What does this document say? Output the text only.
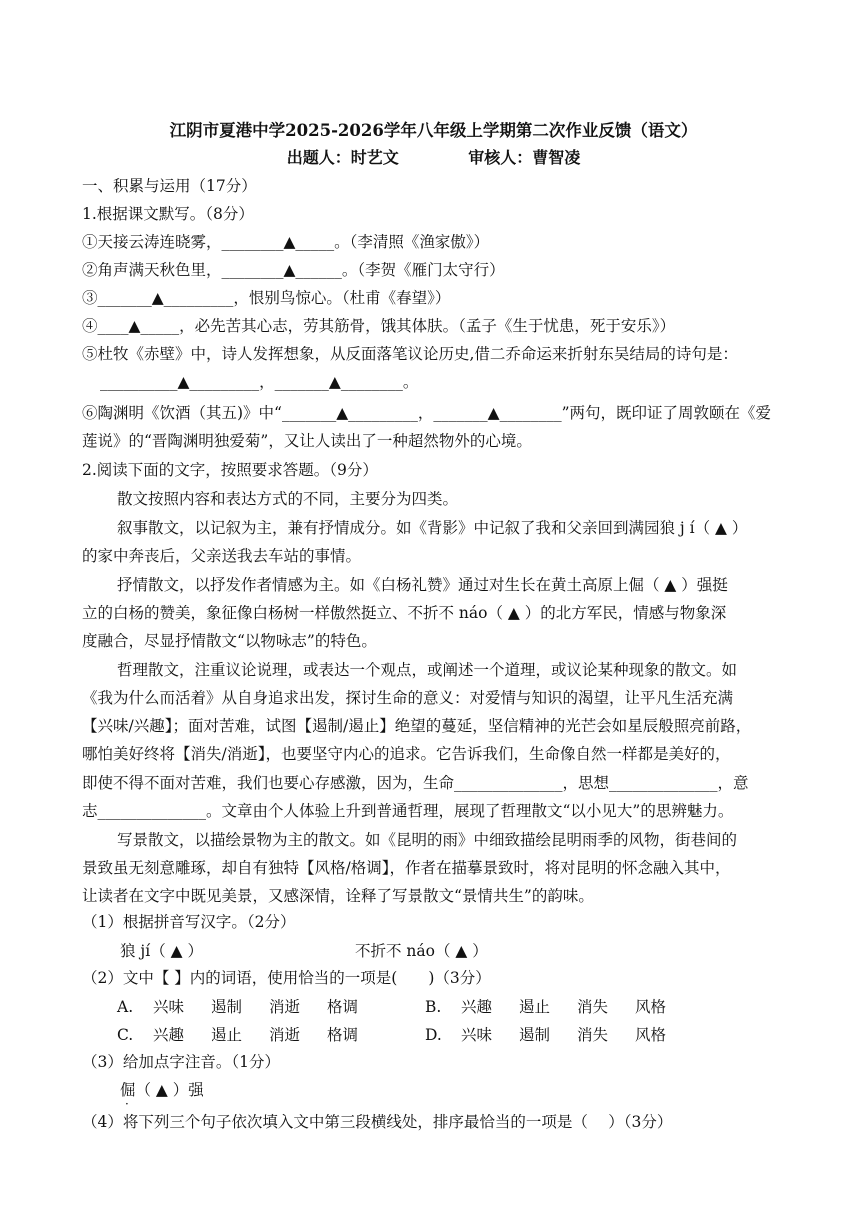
江阴市夏港中学2025-2026学年八年级上学期第二次作业反馈（语文）
出题人：时艺文	审核人：曹智凌
一、积累与运用（17分）
1.根据课文默写。（8分）
①天接云涛连晓雾，________▲_____。（李清照《渔家傲》）
②角声满天秋色里，________▲______。（李贺《雁门太守行）
③_______▲_________，恨别鸟惊心。（杜甫《春望》）
④____▲_____，必先苦其心志，劳其筋骨，饿其体肤。（孟子《生于忧患，死于安乐》）
⑤杜牧《赤壁》中，诗人发挥想象，从反面落笔议论历史,借二乔命运来折射东吴结局的诗句是：
__________▲_________，_______▲________。
⑥陶渊明《饮酒（其五)》中“_______▲_________，_______▲________”两句，既印证了周敦颐在《爱
莲说》的“晋陶渊明独爱菊”，又让人读出了一种超然物外的心境。
2.阅读下面的文字，按照要求答题。（9分）
散文按照内容和表达方式的不同，主要分为四类。
叙事散文，以记叙为主，兼有抒情成分。如《背影》中记叙了我和父亲回到满园狼 j í（ ▲ ）
的家中奔丧后，父亲送我去车站的事情。
抒情散文，以抒发作者情感为主。如《白杨礼赞》通过对生长在黄土高原上倔（ ▲ ）强挺
立的白杨的赞美，象征像白杨树一样傲然挺立、不折不 náo（ ▲ ）的北方军民，情感与物象深
度融合，尽显抒情散文“以物咏志”的特色。
哲理散文，注重议论说理，或表达一个观点，或阐述一个道理，或议论某种现象的散文。如
《我为什么而活着》从自身追求出发，探讨生命的意义：对爱情与知识的渴望，让平凡生活充满
【兴味/兴趣】；面对苦难，试图【遏制/遏止】绝望的蔓延，坚信精神的光芒会如星辰般照亮前路，
哪怕美好终将【消失/消逝】，也要坚守内心的追求。它告诉我们，生命像自然一样都是美好的，
即使不得不面对苦难，我们也要心存感激，因为，生命______________，思想______________，意
志______________。文章由个人体验上升到普通哲理，展现了哲理散文“以小见大”的思辨魅力。
写景散文，以描绘景物为主的散文。如《昆明的雨》中细致描绘昆明雨季的风物，街巷间的
景致虽无刻意雕琢，却自有独特【风格/格调】，作者在描摹景致时，将对昆明的怀念融入其中，
让读者在文字中既见美景，又感深情，诠释了写景散文“景情共生”的韵味。
（1）根据拼音写汉字。（2分）
狼 jí（ ▲ ）	不折不 náo（ ▲ ）
（2）文中【 】内的词语，使用恰当的一项是(　　)（3分）
A. 兴味 遏制 消逝 格调	B. 兴趣 遏止 消失 风格
C. 兴趣 遏止 消逝 格调	D. 兴味 遏制 消失 风格
（3）给加点字注音。（1分）
倔（ ▲ ）强
·
（4）将下列三个句子依次填入文中第三段横线处，排序最恰当的一项是（　 ）（3分）
